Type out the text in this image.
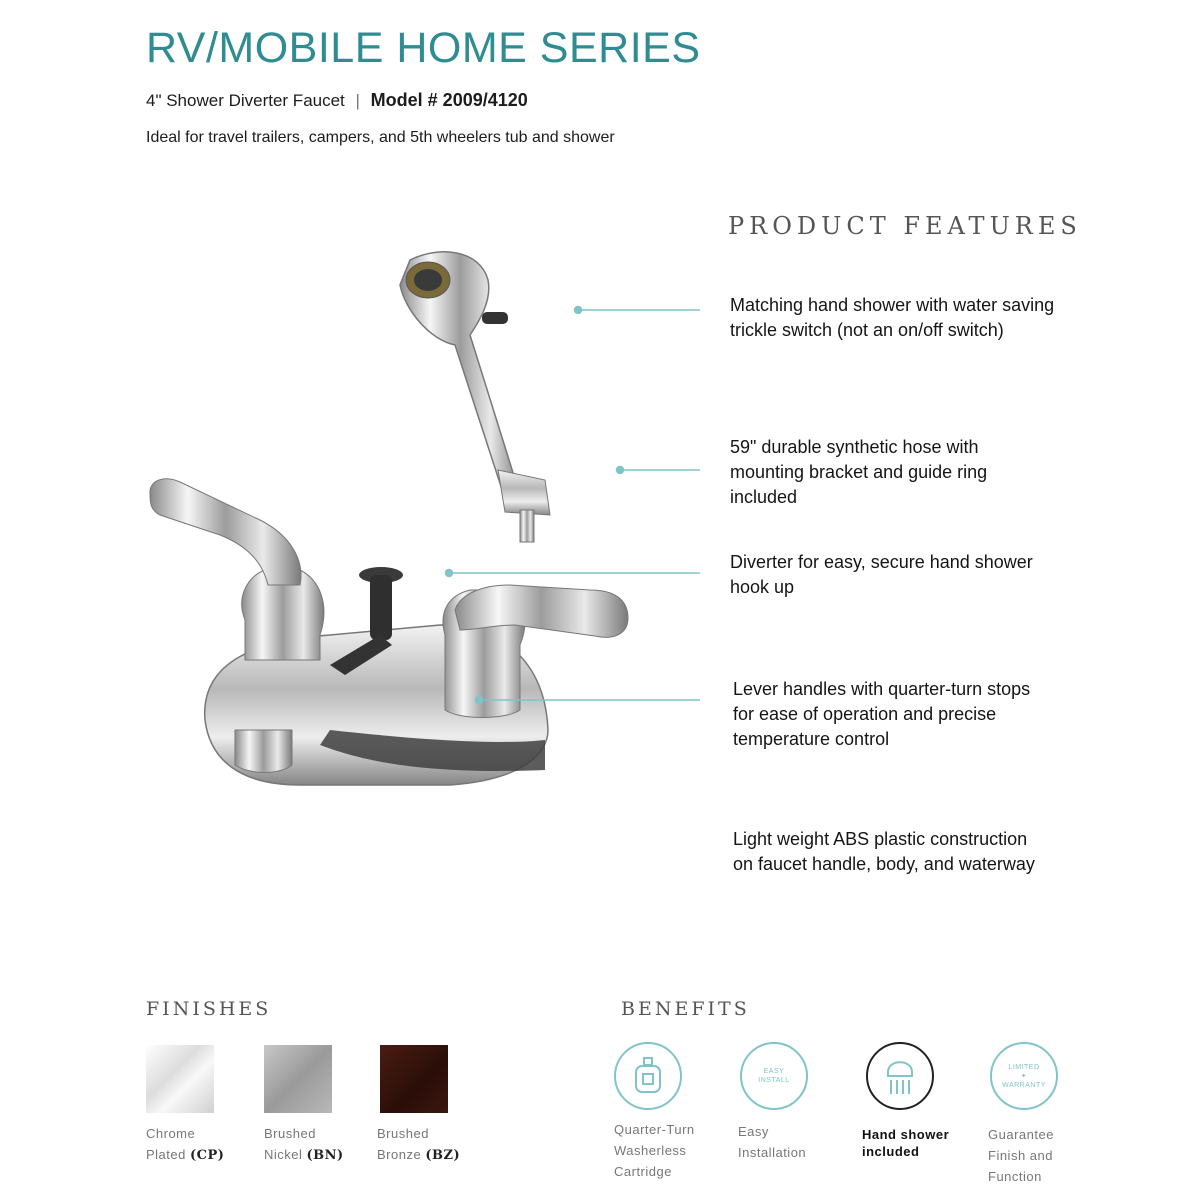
RV/MOBILE HOME SERIES
4" Shower Diverter Faucet | Model # 2009/4120
Ideal for travel trailers, campers, and 5th wheelers tub and shower
PRODUCT FEATURES
Matching hand shower with water saving
trickle switch (not an on/off switch)
59" durable synthetic hose with
mounting bracket and guide ring
included
Diverter for easy, secure hand shower
hook up
Lever handles with quarter-turn stops
for ease of operation and precise
temperature control
Light weight ABS plastic construction
on faucet handle, body, and waterway
FINISHES
Chrome
Plated (CP)
Brushed
Nickel (BN)
Brushed
Bronze (BZ)
BENEFITS
EASY
INSTALL
LIMITED
✦
WARRANTY
Quarter-Turn
Washerless
Cartridge
Easy
Installation
Hand shower
included
Guarantee
Finish and
Function
